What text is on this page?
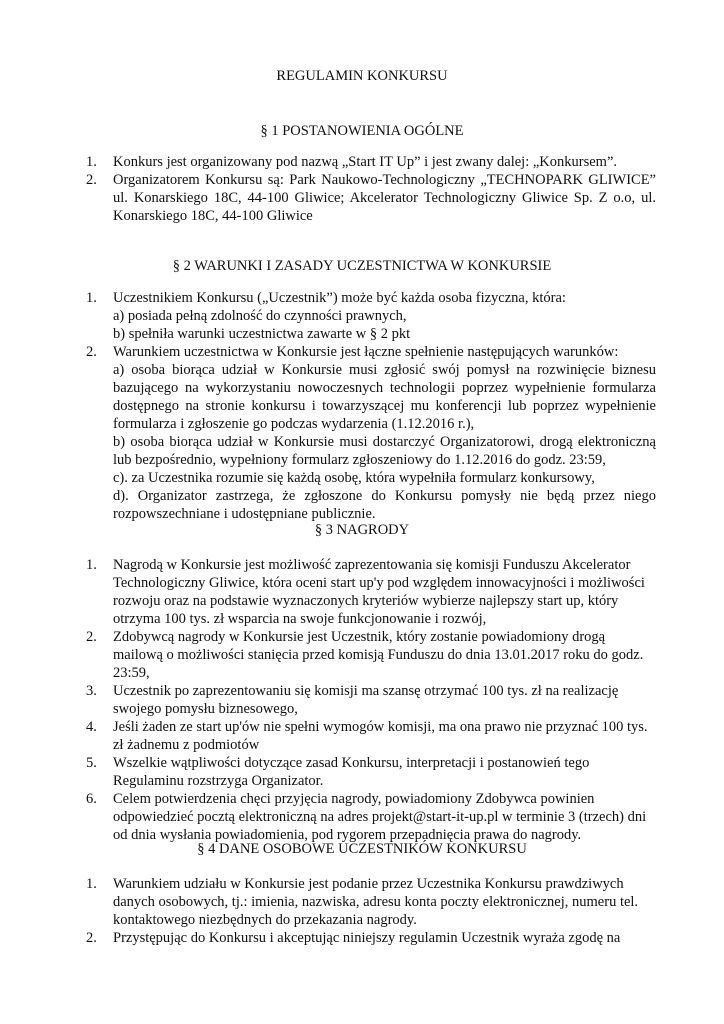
REGULAMIN KONKURSU
§ 1 POSTANOWIENIA OGÓLNE
1. Konkurs jest organizowany pod nazwą „Start IT Up” i jest zwany dalej: „Konkursem”.
2. Organizatorem Konkursu są: Park Naukowo-Technologiczny „TECHNOPARK GLIWICE” ul. Konarskiego 18C, 44-100 Gliwice; Akcelerator Technologiczny Gliwice Sp. Z o.o, ul. Konarskiego 18C, 44-100 Gliwice
§ 2 WARUNKI I ZASADY UCZESTNICTWA W KONKURSIE
1. Uczestnikiem Konkursu („Uczestnik”) może być każda osoba fizyczna, która:
a) posiada pełną zdolność do czynności prawnych,
b) spełniła warunki uczestnictwa zawarte w § 2 pkt
2. Warunkiem uczestnictwa w Konkursie jest łączne spełnienie następujących warunków:
a) osoba biorąca udział w Konkursie musi zgłosić swój pomysł na rozwinięcie biznesu bazującego na wykorzystaniu nowoczesnych technologii poprzez wypełnienie formularza dostępnego na stronie konkursu i towarzyszącej mu konferencji lub poprzez wypełnienie formularza i zgłoszenie go podczas wydarzenia (1.12.2016 r.),
b) osoba biorąca udział w Konkursie musi dostarczyć Organizatorowi, drogą elektroniczną lub bezpośrednio, wypełniony formularz zgłoszeniowy do 1.12.2016 do godz. 23:59,
c). za Uczestnika rozumie się każdą osobę, która wypełniła formularz konkursowy,
d). Organizator zastrzega, że zgłoszone do Konkursu pomysły nie będą przez niego rozpowszechniane i udostępniane publicznie.
§ 3 NAGRODY
1. Nagrodą w Konkursie jest możliwość zaprezentowania się komisji Funduszu Akcelerator Technologiczny Gliwice, która oceni start up'y pod względem innowacyjności i możliwości rozwoju oraz na podstawie wyznaczonych kryteriów wybierze najlepszy start up, który otrzyma 100 tys. zł wsparcia na swoje funkcjonowanie i rozwój,
2. Zdobywcą nagrody w Konkursie jest Uczestnik, który zostanie powiadomiony drogą mailową o możliwości stanięcia przed komisją Funduszu do dnia 13.01.2017 roku do godz. 23:59,
3. Uczestnik po zaprezentowaniu się komisji ma szansę otrzymać 100 tys. zł na realizację swojego pomysłu biznesowego,
4. Jeśli żaden ze start up'ów nie spełni wymogów komisji, ma ona prawo nie przyznać 100 tys. zł żadnemu z podmiotów
5. Wszelkie wątpliwości dotyczące zasad Konkursu, interpretacji i postanowień tego Regulaminu rozstrzyga Organizator.
6. Celem potwierdzenia chęci przyjęcia nagrody, powiadomiony Zdobywca powinien odpowiedzieć pocztą elektroniczną na adres projekt@start-it-up.pl w terminie 3 (trzech) dni od dnia wysłania powiadomienia, pod rygorem przepadnięcia prawa do nagrody.
§ 4 DANE OSOBOWE UCZESTNIKÓW KONKURSU
1. Warunkiem udziału w Konkursie jest podanie przez Uczestnika Konkursu prawdziwych danych osobowych, tj.: imienia, nazwiska, adresu konta poczty elektronicznej, numeru tel. kontaktowego niezbędnych do przekazania nagrody.
2. Przystępując do Konkursu i akceptując niniejszy regulamin Uczestnik wyraża zgodę na
